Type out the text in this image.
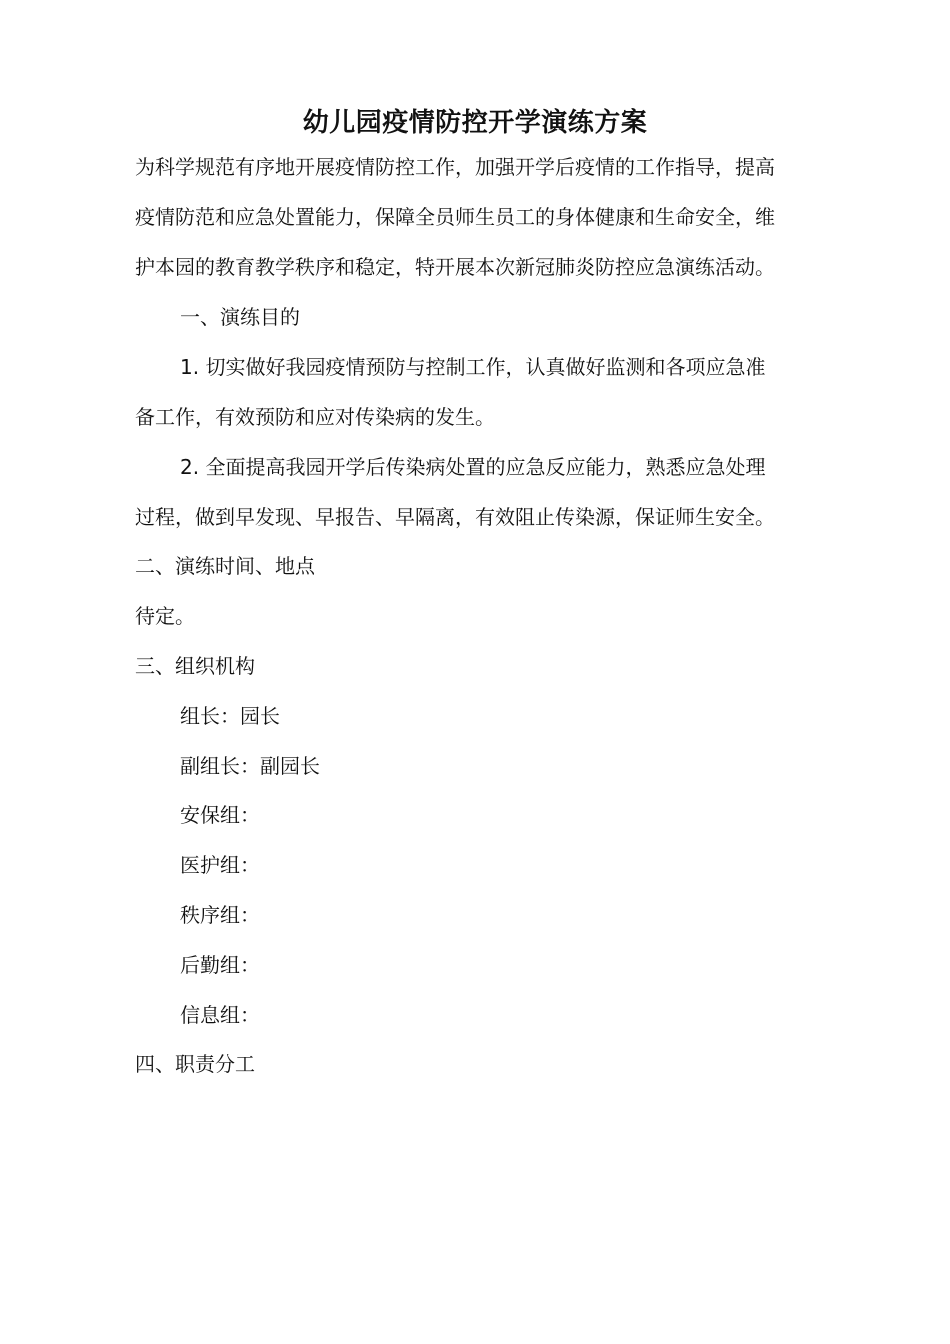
幼儿园疫情防控开学演练方案
为科学规范有序地开展疫情防控工作，加强开学后疫情的工作指导，提高
疫情防范和应急处置能力，保障全员师生员工的身体健康和生命安全，维
护本园的教育教学秩序和稳定，特开展本次新冠肺炎防控应急演练活动。
一、演练目的
1. 切实做好我园疫情预防与控制工作，认真做好监测和各项应急准
备工作，有效预防和应对传染病的发生。
2. 全面提高我园开学后传染病处置的应急反应能力，熟悉应急处理
过程，做到早发现、早报告、早隔离，有效阻止传染源，保证师生安全。
二、演练时间、地点
待定。
三、组织机构
组长：园长
副组长：副园长
安保组：
医护组：
秩序组：
后勤组：
信息组：
四、职责分工
